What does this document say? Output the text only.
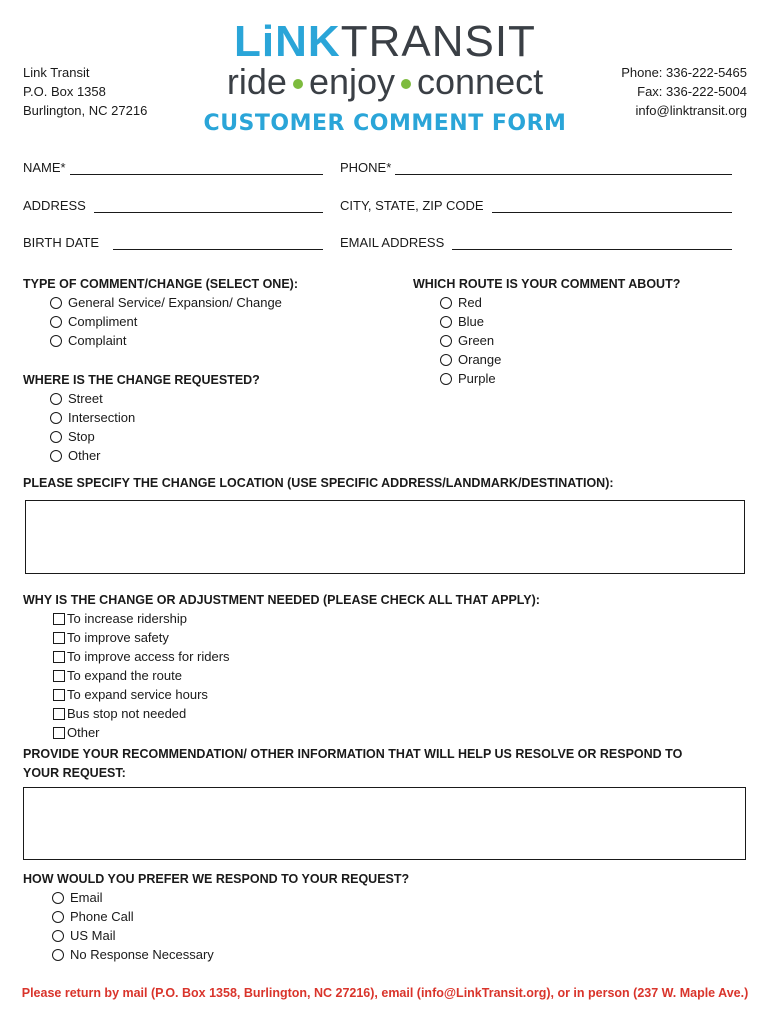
Link Transit
P.O. Box 1358
Burlington, NC 27216
LiNKTRANSIT
ride enjoy connect	Phone: 336-222-5465
Fax: 336-222-5004
info@linktransit.org
CUSTOMER COMMENT FORM
NAME*	PHONE*
ADDRESS	CITY, STATE, ZIP CODE
BIRTH DATE	EMAIL ADDRESS
TYPE OF COMMENT/CHANGE (SELECT ONE):
General Service/ Expansion/ Change
Compliment
Complaint
WHICH ROUTE IS YOUR COMMENT ABOUT?
Red
Blue
Green
Orange
Purple
WHERE IS THE CHANGE REQUESTED?
Street
Intersection
Stop
Other
PLEASE SPECIFY THE CHANGE LOCATION (USE SPECIFIC ADDRESS/LANDMARK/DESTINATION):
WHY IS THE CHANGE OR ADJUSTMENT NEEDED (PLEASE CHECK ALL THAT APPLY):
To increase ridership
To improve safety
To improve access for riders
To expand the route
To expand service hours
Bus stop not needed
Other
PROVIDE YOUR RECOMMENDATION/ OTHER INFORMATION THAT WILL HELP US RESOLVE OR RESPOND TO
YOUR REQUEST:
HOW WOULD YOU PREFER WE RESPOND TO YOUR REQUEST?
Email
Phone Call
US Mail
No Response Necessary
Please return by mail (P.O. Box 1358, Burlington, NC 27216), email (info@LinkTransit.org), or in person (237 W. Maple Ave.)
